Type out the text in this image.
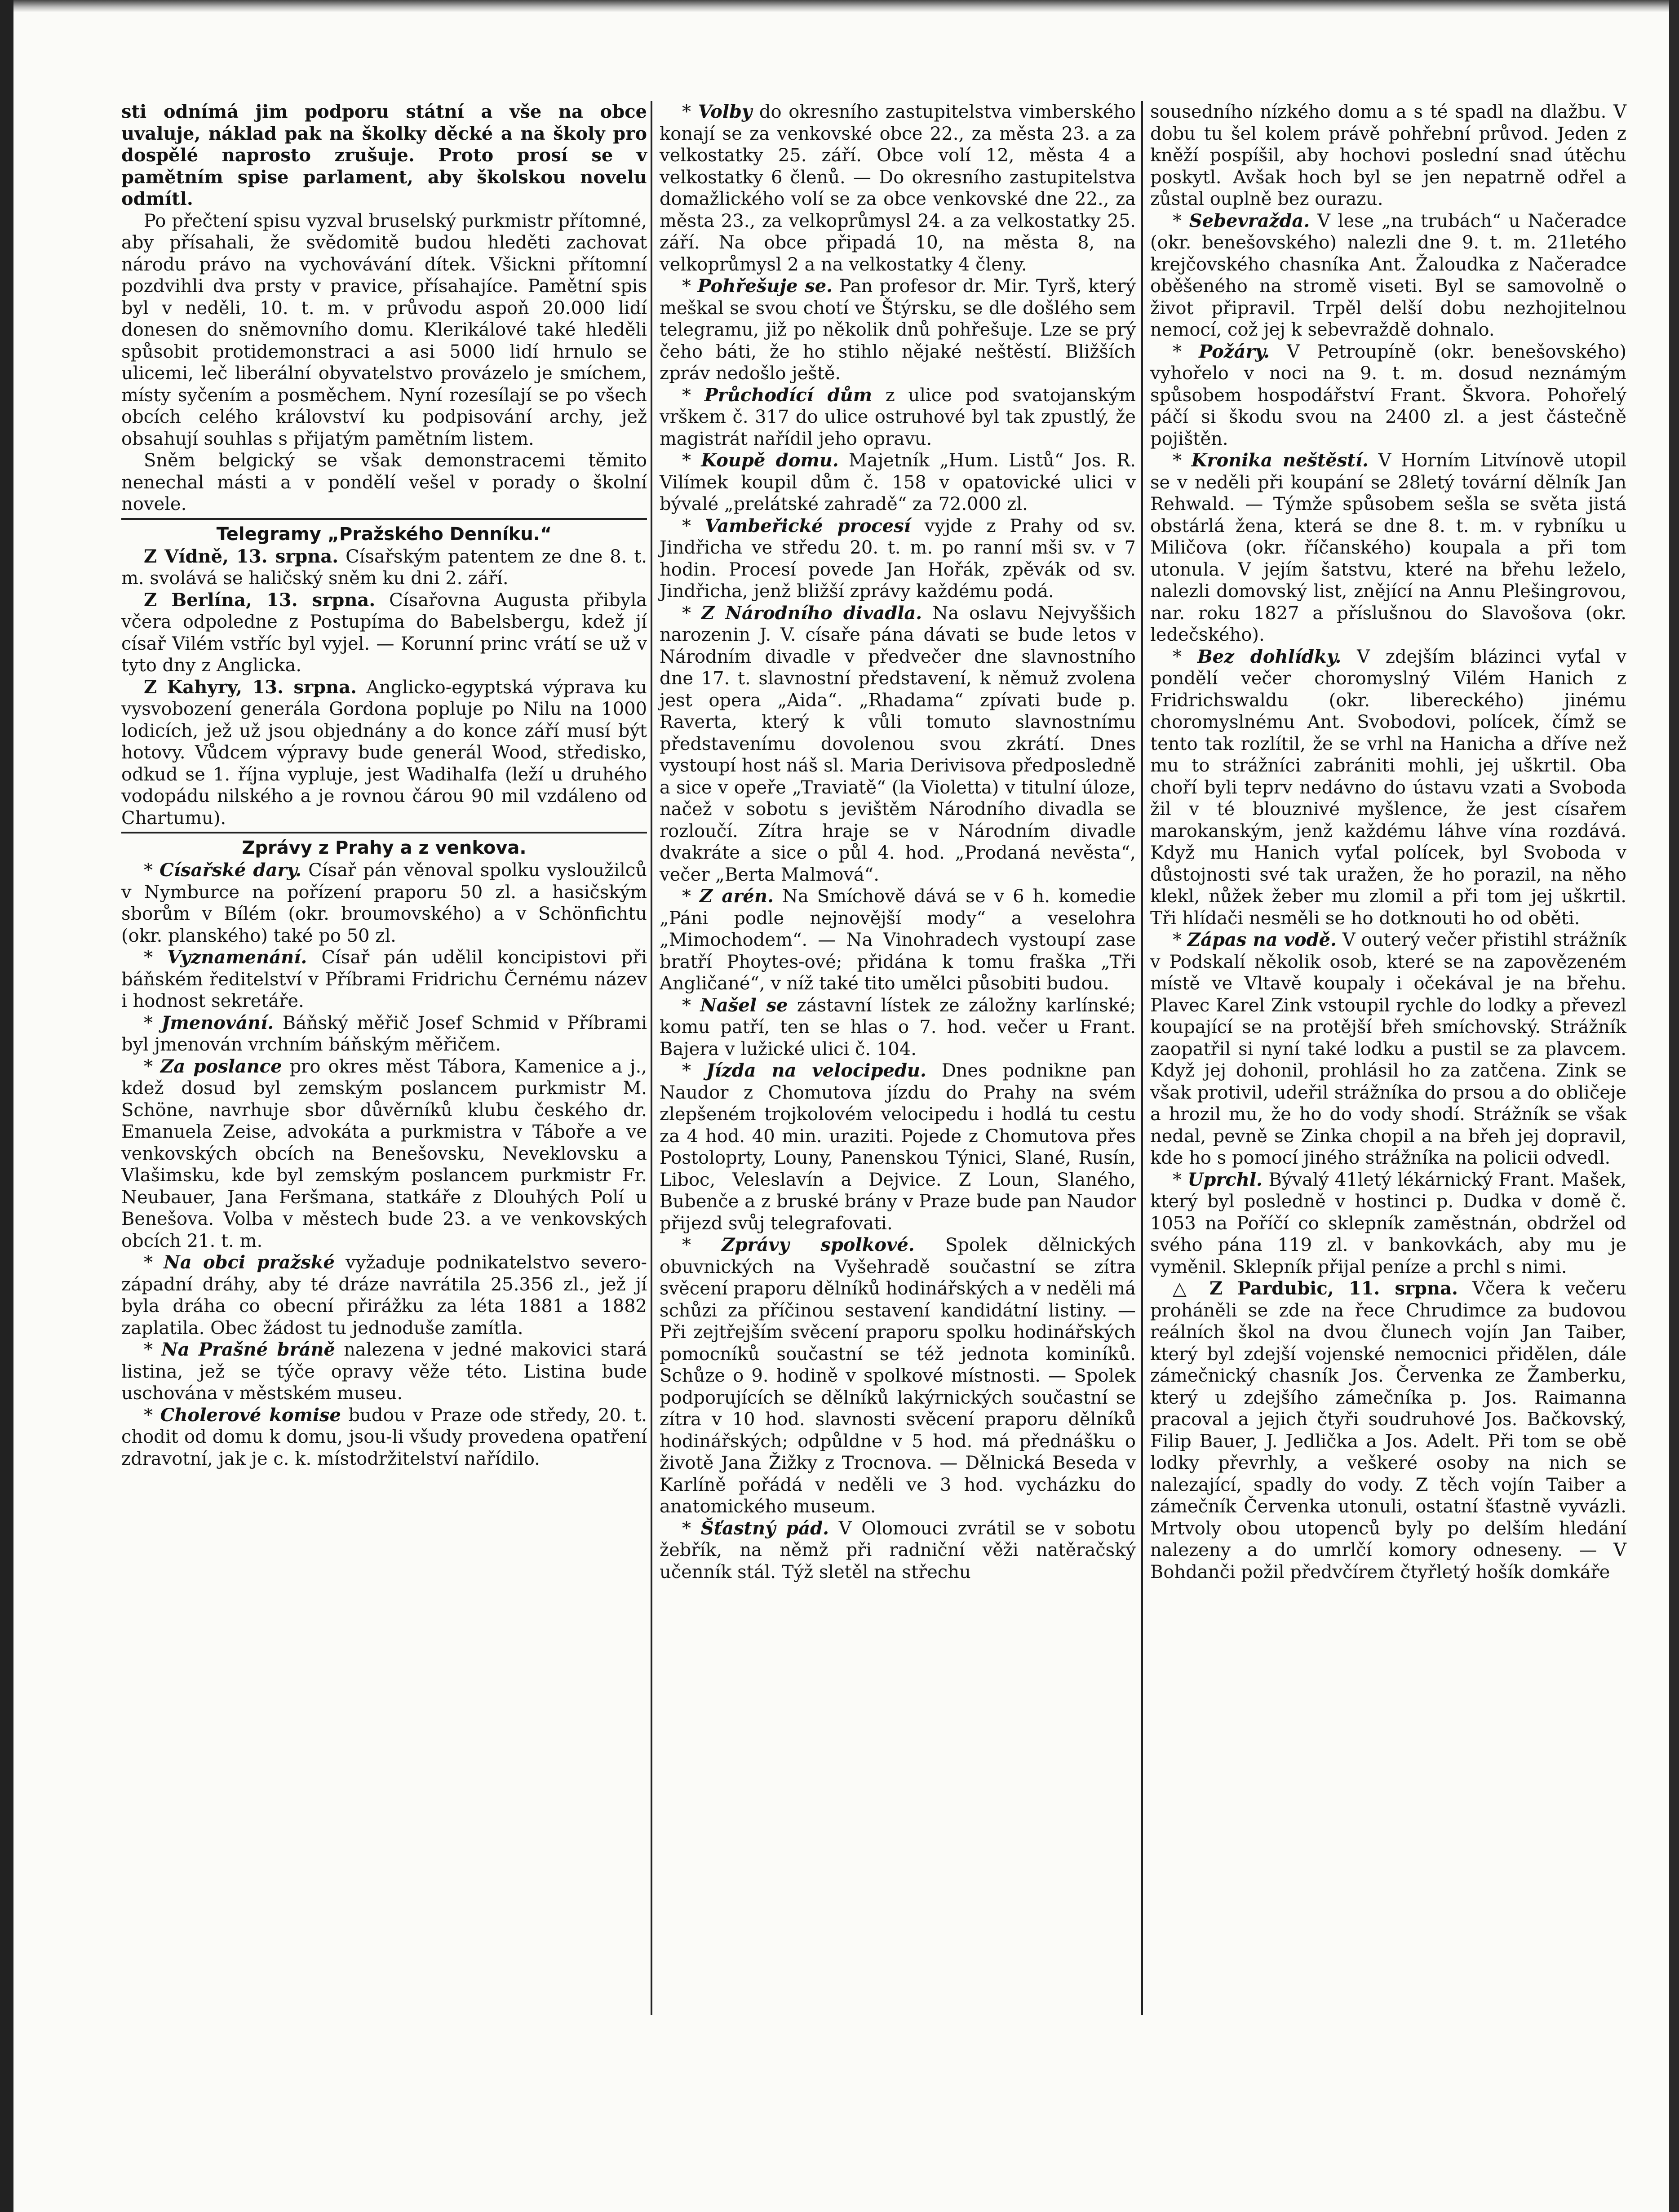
sti odnímá jim podporu státní a vše na obce uvaluje, náklad pak na školky děcké a na školy pro dospělé naprosto zrušuje. Proto prosí se v pamětním spise parlament, aby školskou novelu odmítl.

Po přečtení spisu vyzval bruselský purkmistr přítomné, aby přísahali, že svědomitě budou hleděti zachovat národu právo na vychovávání dítek. Všickni přítomní pozdvihli dva prsty v pravice, přísahajíce. Pamětní spis byl v neděli, 10. t. m. v průvodu aspoň 20.000 lidí donesen do sněmovního domu. Klerikálové také hleděli spůsobit protidemonstraci a asi 5000 lidí hrnulo se ulicemi, leč liberální obyvatelstvo provázelo je smíchem, místy syčením a posměchem. Nyní rozesílají se po všech obcích celého království ku podpisování archy, jež obsahují souhlas s přijatým pamětním listem.

Sněm belgický se však demonstracemi těmito nenechal másti a v pondělí vešel v porady o školní novele.

Telegramy „Pražského Denníku.“

Z Vídně, 13. srpna. Císařským patentem ze dne 8. t. m. svolává se haličský sněm ku dni 2. září.

Z Berlína, 13. srpna. Císařovna Augusta přibyla včera odpoledne z Postupíma do Babelsbergu, kdež jí císař Vilém vstříc byl vyjel. — Korunní princ vrátí se už v tyto dny z Anglicka.

Z Kahyry, 13. srpna. Anglicko-egyptská výprava ku vysvobození generála Gordona popluje po Nilu na 1000 lodicích, jež už jsou objednány a do konce září musí být hotovy. Vůdcem výpravy bude generál Wood, středisko, odkud se 1. října vypluje, jest Wadihalfa (leží u druhého vodopádu nilského a je rovnou čárou 90 mil vzdáleno od Chartumu).

Zprávy z Prahy a z venkova.

* Císařské dary. Císař pán věnoval spolku vysloužilců v Nymburce na pořízení praporu 50 zl. a hasičským sborům v Bílém (okr. broumovského) a v Schönfichtu (okr. planského) také po 50 zl.

* Vyznamenání. Císař pán udělil koncipistovi při báňském ředitelství v Příbrami Fridrichu Černému název i hodnost sekretáře.

* Jmenování. Báňský měřič Josef Schmid v Příbrami byl jmenován vrchním báňským měřičem.

* Za poslance pro okres měst Tábora, Kamenice a j., kdež dosud byl zemským poslancem purkmistr M. Schöne, navrhuje sbor důvěrníků klubu českého dr. Emanuela Zeise, advokáta a purkmistra v Táboře a ve venkovských obcích na Benešovsku, Neveklovsku a Vlašimsku, kde byl zemským poslancem purkmistr Fr. Neubauer, Jana Feršmana, statkáře z Dlouhých Polí u Benešova. Volba v městech bude 23. a ve venkovských obcích 21. t. m.

* Na obci pražské vyžaduje podnikatelstvo severo-západní dráhy, aby té dráze navrátila 25.356 zl., jež jí byla dráha co obecní přirážku za léta 1881 a 1882 zaplatila. Obec žádost tu jednoduše zamítla.

* Na Prašné bráně nalezena v jedné makovici stará listina, jež se týče opravy věže této. Listina bude uschována v městském museu.

* Cholerové komise budou v Praze ode středy, 20. t. chodit od domu k domu, jsou-li všudy provedena opatření zdravotní, jak je c. k. místodržitelství nařídilo.

* Volby do okresního zastupitelstva vimberského konají se za venkovské obce 22., za města 23. a za velkostatky 25. září. Obce volí 12, města 4 a velkostatky 6 členů. — Do okresního zastupitelstva domažlického volí se za obce venkovské dne 22., za města 23., za velkoprůmysl 24. a za velkostatky 25. září. Na obce připadá 10, na města 8, na velkoprůmysl 2 a na velkostatky 4 členy.

* Pohřešuje se. Pan profesor dr. Mir. Tyrš, který meškal se svou chotí ve Štýrsku, se dle došlého sem telegramu, již po několik dnů pohřešuje. Lze se prý čeho báti, že ho stihlo nějaké neštěstí. Bližších zpráv nedošlo ještě.

* Průchodící dům z ulice pod svatojanským vrškem č. 317 do ulice ostruhové byl tak zpustlý, že magistrát nařídil jeho opravu.

* Koupě domu. Majetník „Hum. Listů“ Jos. R. Vilímek koupil dům č. 158 v opatovické ulici v bývalé „prelátské zahradě“ za 72.000 zl.

* Vambeřické procesí vyjde z Prahy od sv. Jindřicha ve středu 20. t. m. po ranní mši sv. v 7 hodin. Procesí povede Jan Hořák, zpěvák od sv. Jindřicha, jenž bližší zprávy každému podá.

* Z Národního divadla. Na oslavu Nejvyššich narozenin J. V. císaře pána dávati se bude letos v Národním divadle v předvečer dne slavnostního dne 17. t. slavnostní představení, k němuž zvolena jest opera „Aida“. „Rhadama“ zpívati bude p. Raverta, který k vůli tomuto slavnostnímu představenímu dovolenou svou zkrátí. Dnes vystoupí host náš sl. Maria Derivisova předposledně a sice v opeře „Traviatě“ (la Violetta) v titulní úloze, načež v sobotu s jevištěm Národního divadla se rozloučí. Zítra hraje se v Národním divadle dvakráte a sice o půl 4. hod. „Prodaná nevěsta“, večer „Berta Malmová“.

* Z arén. Na Smíchově dává se v 6 h. komedie „Páni podle nejnovější mody“ a veselohra „Mimochodem“. — Na Vinohradech vystoupí zase bratří Phoytes-ové; přidána k tomu fraška „Tři Angličané“, v níž také tito umělci působiti budou.

* Našel se zástavní lístek ze záložny karlínské; komu patří, ten se hlas o 7. hod. večer u Frant. Bajera v lužické ulici č. 104.

* Jízda na velocipedu. Dnes podnikne pan Naudor z Chomutova jízdu do Prahy na svém zlepšeném trojkolovém velocipedu i hodlá tu cestu za 4 hod. 40 min. uraziti. Pojede z Chomutova přes Postoloprty, Louny, Panenskou Týnici, Slané, Rusín, Liboc, Veleslavín a Dejvice. Z Loun, Slaného, Bubenče a z bruské brány v Praze bude pan Naudor přijezd svůj telegrafovati.

* Zprávy spolkové. Spolek dělnických obuvnických na Vyšehradě součastní se zítra svěcení praporu dělníků hodinářských a v neděli má schůzi za příčinou sestavení kandidátní listiny. — Při zejtřejším svěcení praporu spolku hodinářských pomocníků součastní se též jednota kominíků. Schůze o 9. hodině v spolkové místnosti. — Spolek podporujících se dělníků lakýrnických součastní se zítra v 10 hod. slavnosti svěcení praporu dělníků hodinářských; odpůldne v 5 hod. má přednášku o životě Jana Žižky z Trocnova. — Dělnická Beseda v Karlíně pořádá v neděli ve 3 hod. vycházku do anatomického museum.

* Šťastný pád. V Olomouci zvrátil se v sobotu žebřík, na němž při radniční věži natěračský učenník stál. Týž sletěl na střechu

sousedního nízkého domu a s té spadl na dlažbu. V dobu tu šel kolem právě pohřební průvod. Jeden z kněží pospíšil, aby hochovi poslední snad útěchu poskytl. Avšak hoch byl se jen nepatrně odřel a zůstal ouplně bez ourazu.

* Sebevražda. V lese „na trubách“ u Načeradce (okr. benešovského) nalezli dne 9. t. m. 21letého krejčovského chasníka Ant. Žaloudka z Načeradce oběšeného na stromě viseti. Byl se samovolně o život připravil. Trpěl delší dobu nezhojitelnou nemocí, což jej k sebevraždě dohnalo.

* Požáry. V Petroupíně (okr. benešovského) vyhořelo v noci na 9. t. m. dosud neznámým spůsobem hospodářství Frant. Škvora. Pohořelý páčí si škodu svou na 2400 zl. a jest částečně pojištěn.

* Kronika neštěstí. V Horním Litvínově utopil se v neděli při koupání se 28letý tovární dělník Jan Rehwald. — Týmže spůsobem sešla se světa jistá obstárlá žena, která se dne 8. t. m. v rybníku u Miličova (okr. říčanského) koupala a při tom utonula. V jejím šatstvu, které na břehu leželo, nalezli domovský list, znějící na Annu Plešingrovou, nar. roku 1827 a příslušnou do Slavošova (okr. ledečského).

* Bez dohlídky. V zdejším blázinci vyťal v pondělí večer choromyslný Vilém Hanich z Fridrichswaldu (okr. libereckého) jinému choromyslnému Ant. Svobodovi, polícek, čímž se tento tak rozlítil, že se vrhl na Hanicha a dříve než mu to strážníci zabrániti mohli, jej uškrtil. Oba choří byli teprv nedávno do ústavu vzati a Svoboda žil v té blouznivé myšlence, že jest císařem marokanským, jenž každému láhve vína rozdává. Když mu Hanich vyťal polícek, byl Svoboda v důstojnosti své tak uražen, že ho porazil, na něho klekl, nůžek žeber mu zlomil a při tom jej uškrtil. Tři hlídači nesměli se ho dotknouti ho od oběti.

* Zápas na vodě. V outerý večer přistihl strážník v Podskalí několik osob, které se na zapovězeném místě ve Vltavě koupaly i očekával je na břehu. Plavec Karel Zink vstoupil rychle do lodky a převezl koupající se na protější břeh smíchovský. Strážník zaopatřil si nyní také lodku a pustil se za plavcem. Když jej dohonil, prohlásil ho za zatčena. Zink se však protivil, udeřil strážníka do prsou a do obličeje a hrozil mu, že ho do vody shodí. Strážník se však nedal, pevně se Zinka chopil a na břeh jej dopravil, kde ho s pomocí jiného strážníka na policii odvedl.

* Uprchl. Bývalý 41letý lékárnický Frant. Mašek, který byl posledně v hostinci p. Dudka v domě č. 1053 na Poříčí co sklepník zaměstnán, obdržel od svého pána 119 zl. v bankovkách, aby mu je vyměnil. Sklepník přijal peníze a prchl s nimi.

△ Z Pardubic, 11. srpna. Včera k večeru proháněli se zde na řece Chrudimce za budovou reálních škol na dvou člunech vojín Jan Taiber, který byl zdejší vojenské nemocnici přidělen, dále zámečnický chasník Jos. Červenka ze Žamberku, který u zdejšího zámečníka p. Jos. Raimanna pracoval a jejich čtyři soudruhové Jos. Bačkovský, Filip Bauer, J. Jedlička a Jos. Adelt. Při tom se obě lodky převrhly, a veškeré osoby na nich se nalezající, spadly do vody. Z těch vojín Taiber a zámečník Červenka utonuli, ostatní šťastně vyvázli. Mrtvoly obou utopenců byly po delším hledání nalezeny a do umrlčí komory odneseny. — V Bohdanči požil předvčírem čtyřletý hošík domkáře
